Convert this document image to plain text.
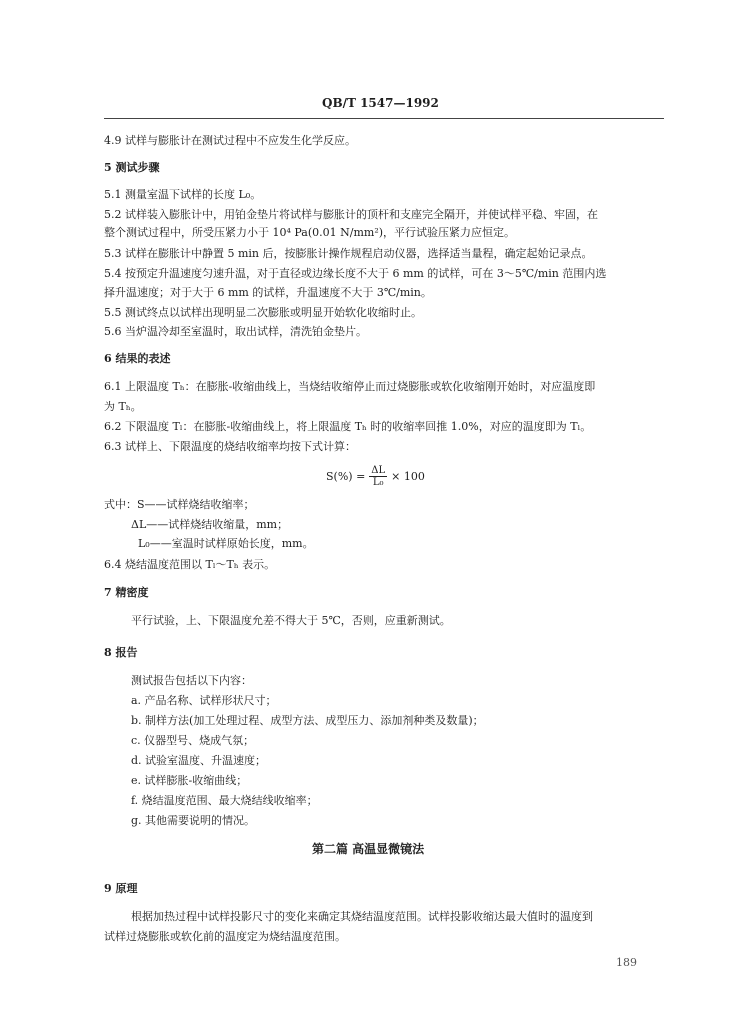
QB/T 1547—1992
4.9 试样与膨胀计在测试过程中不应发生化学反应。
5 测试步骤
5.1 测量室温下试样的长度 L₀。
5.2 试样装入膨胀计中，用铂金垫片将试样与膨胀计的顶杆和支座完全隔开，并使试样平稳、牢固，在
整个测试过程中，所受压紧力小于 10⁴ Pa(0.01 N/mm²)，平行试验压紧力应恒定。
5.3 试样在膨胀计中静置 5 min 后，按膨胀计操作规程启动仪器，选择适当量程，确定起始记录点。
5.4 按预定升温速度匀速升温，对于直径或边缘长度不大于 6 mm 的试样，可在 3～5℃/min 范围内选
择升温速度；对于大于 6 mm 的试样，升温速度不大于 3℃/min。
5.5 测试终点以试样出现明显二次膨胀或明显开始软化收缩时止。
5.6 当炉温冷却至室温时，取出试样，清洗铂金垫片。
6 结果的表述
6.1 上限温度 Tₕ：在膨胀-收缩曲线上，当烧结收缩停止而过烧膨胀或软化收缩刚开始时，对应温度即
为 Tₕ。
6.2 下限温度 Tₗ：在膨胀-收缩曲线上，将上限温度 Tₕ 时的收缩率回推 1.0%，对应的温度即为 Tₗ。
6.3 试样上、下限温度的烧结收缩率均按下式计算：
$S(\%) = \frac{\Delta L}{\text{L₀}} \times 100$
式中：S——试样烧结收缩率；
ΔL——试样烧结收缩量，mm；
L₀——室温时试样原始长度，mm。
6.4 烧结温度范围以 Tₗ～Tₕ 表示。
7 精密度
平行试验，上、下限温度允差不得大于 5℃，否则，应重新测试。
8 报告
测试报告包括以下内容：
a. 产品名称、试样形状尺寸；
b. 制样方法(加工处理过程、成型方法、成型压力、添加剂种类及数量)；
c. 仪器型号、烧成气氛；
d. 试验室温度、升温速度；
e. 试样膨胀-收缩曲线；
f. 烧结温度范围、最大烧结线收缩率；
g. 其他需要说明的情况。
第二篇 高温显微镜法
9 原理
根据加热过程中试样投影尺寸的变化来确定其烧结温度范围。试样投影收缩达最大值时的温度到
试样过烧膨胀或软化前的温度定为烧结温度范围。
189
